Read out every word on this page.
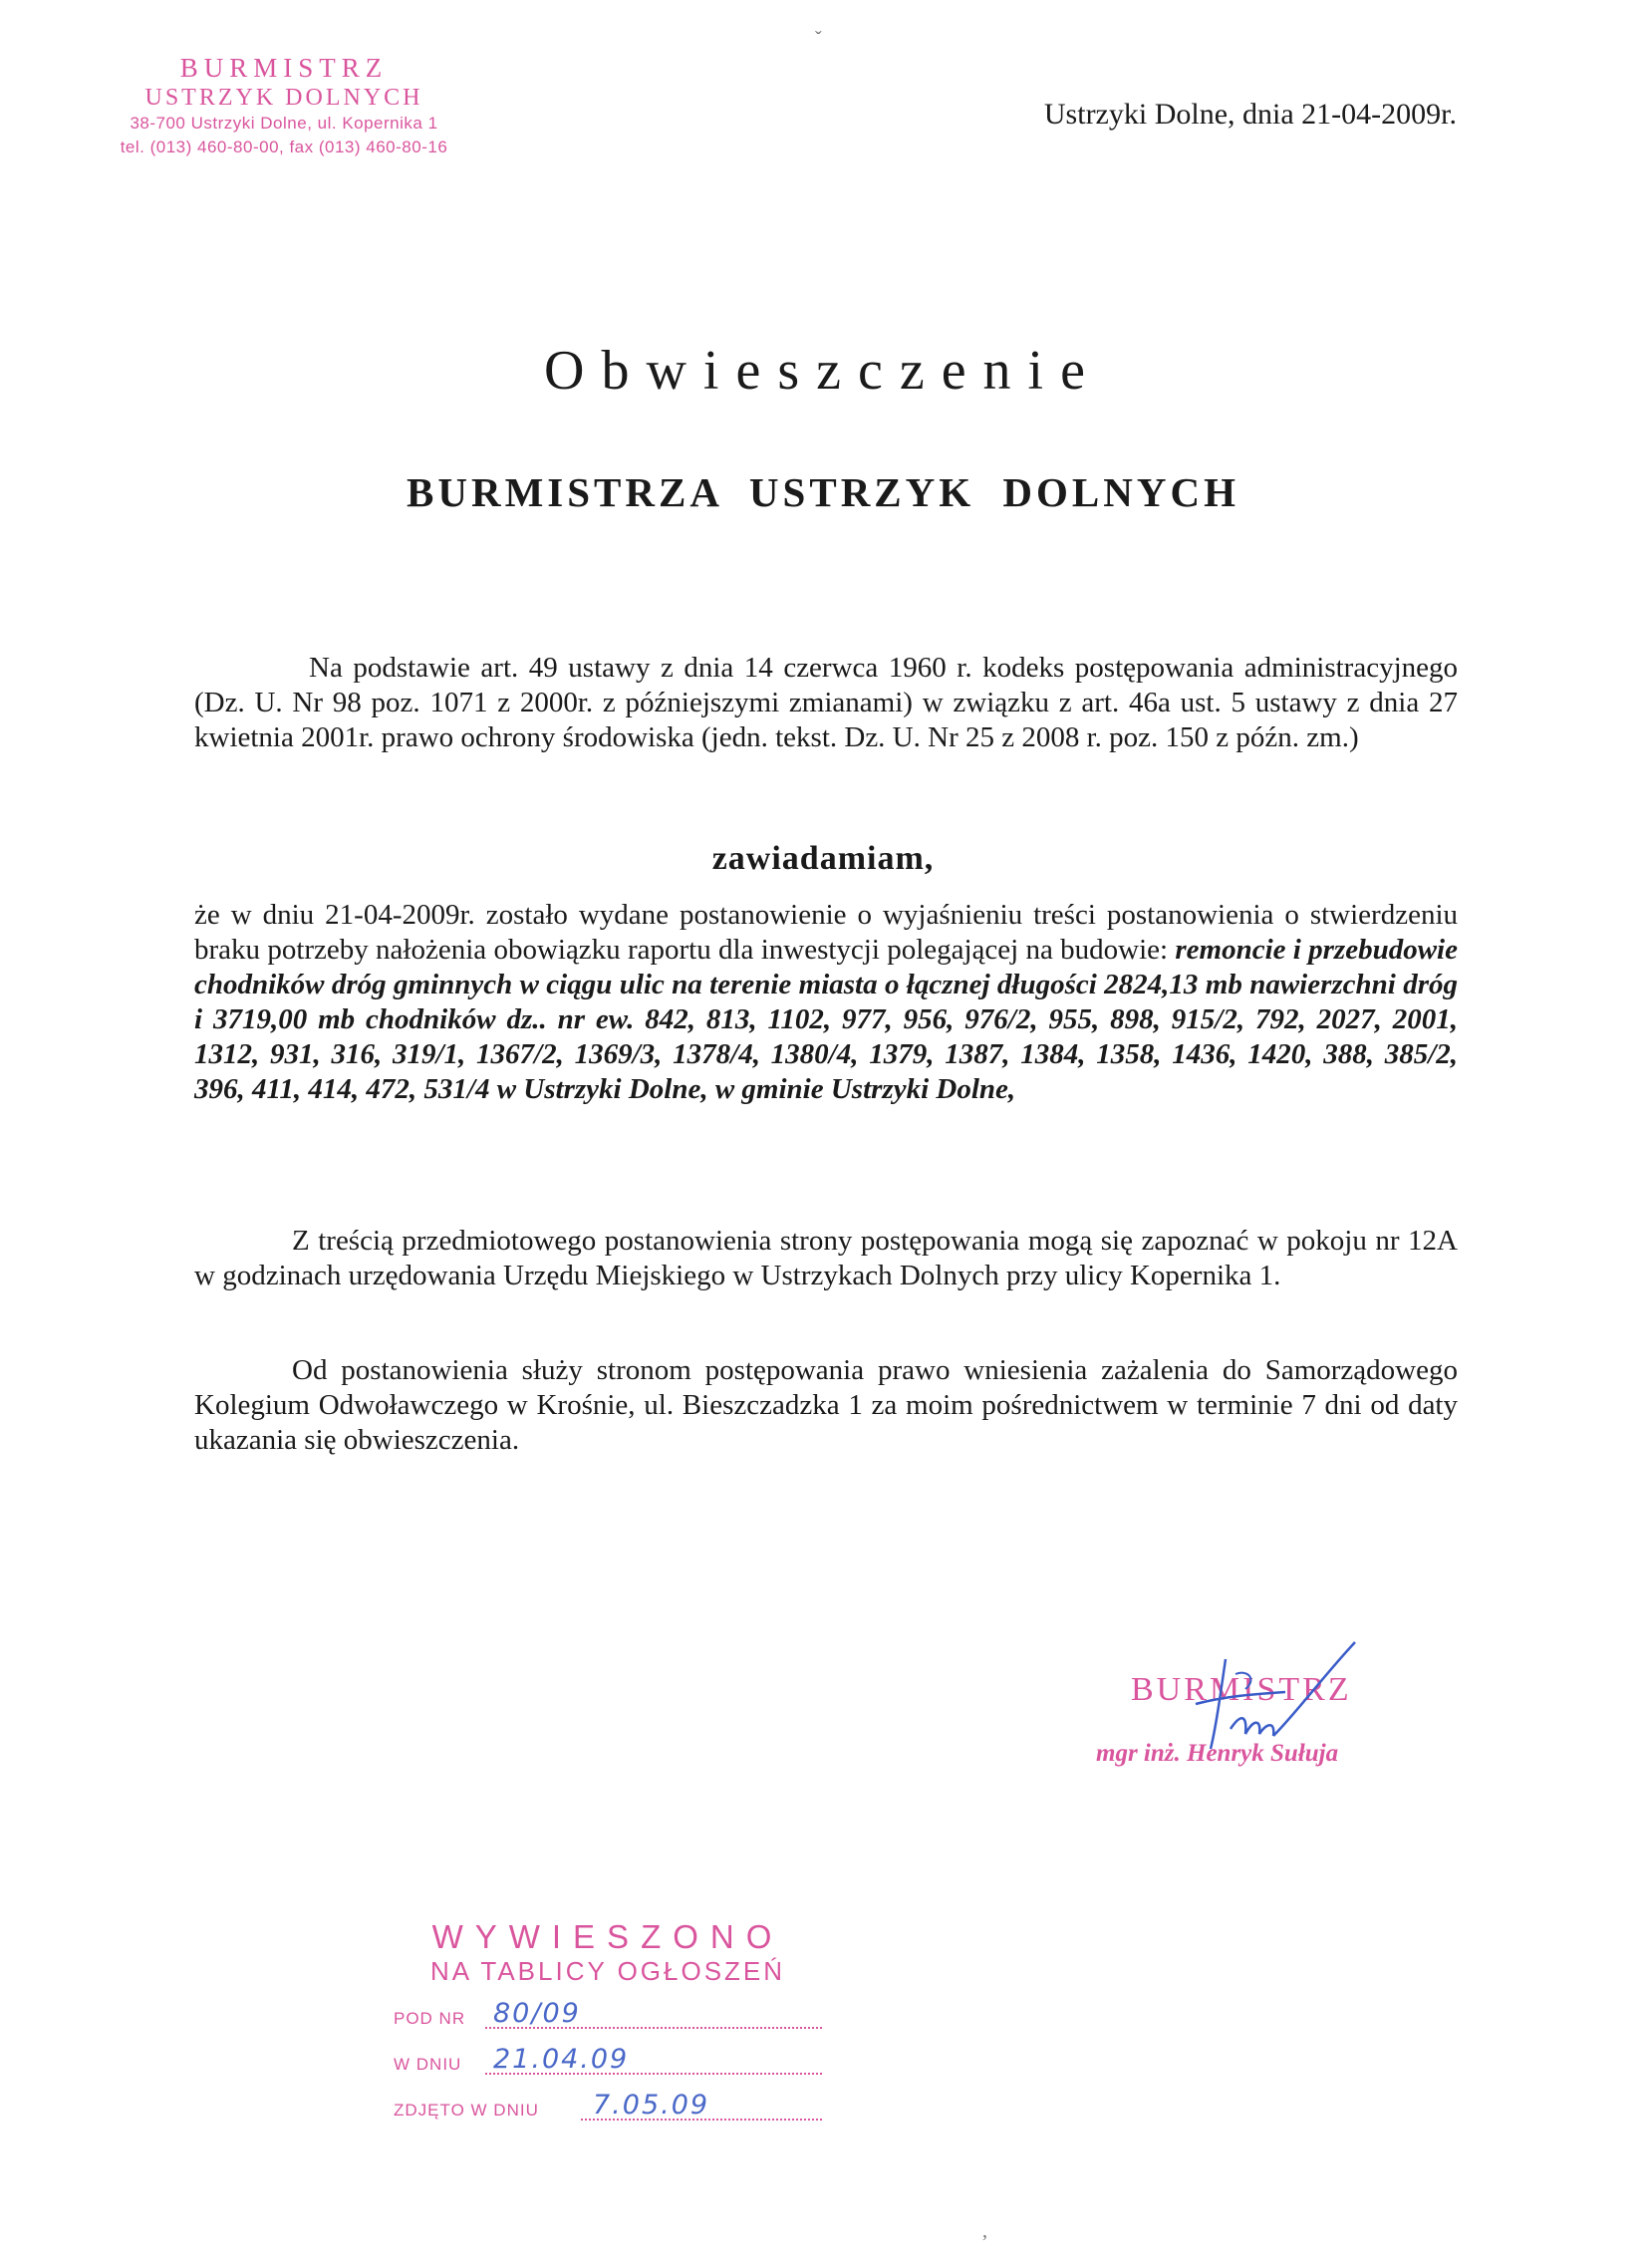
ˇ
‚
BURMISTRZ
USTRZYK DOLNYCH
38-700 Ustrzyki Dolne, ul. Kopernika 1
tel. (013) 460-80-00, fax (013) 460-80-16
Ustrzyki Dolne, dnia 21-04-2009r.
Obwieszczenie
BURMISTRZA USTRZYK DOLNYCH
Na podstawie art. 49 ustawy z dnia 14 czerwca 1960 r. kodeks postępowania administracyjnego (Dz. U. Nr 98 poz. 1071 z 2000r. z późniejszymi zmianami) w związku z art. 46a ust. 5 ustawy z dnia 27 kwietnia 2001r. prawo ochrony środowiska (jedn. tekst. Dz. U. Nr 25 z 2008 r. poz. 150 z późn. zm.)
zawiadamiam,
że w dniu 21-04-2009r. zostało wydane postanowienie o wyjaśnieniu treści postanowienia o stwierdzeniu braku potrzeby nałożenia obowiązku raportu dla inwestycji polegającej na budowie: remoncie i przebudowie chodników dróg gminnych w ciągu ulic na terenie miasta o łącznej długości 2824,13 mb nawierzchni dróg i 3719,00 mb chodników dz.. nr ew. 842, 813, 1102, 977, 956, 976/2, 955, 898, 915/2, 792, 2027, 2001, 1312, 931, 316, 319/1, 1367/2, 1369/3, 1378/4, 1380/4, 1379, 1387, 1384, 1358, 1436, 1420, 388, 385/2, 396, 411, 414, 472, 531/4 w Ustrzyki Dolne, w gminie Ustrzyki Dolne,
Z treścią przedmiotowego postanowienia strony postępowania mogą się zapoznać w pokoju nr 12A w godzinach urzędowania Urzędu Miejskiego w Ustrzykach Dolnych przy ulicy Kopernika 1.
Od postanowienia służy stronom postępowania prawo wniesienia zażalenia do Samorządowego Kolegium Odwoławczego w Krośnie, ul. Bieszczadzka 1 za moim pośrednictwem w terminie 7 dni od daty ukazania się obwieszczenia.
BURMISTRZ
mgr inż. Henryk Sułuja
WYWIESZONO
NA TABLICY OGŁOSZEŃ
POD NR 80/09
W DNIU 21.04.09
ZDJĘTO W DNIU 7.05.09
